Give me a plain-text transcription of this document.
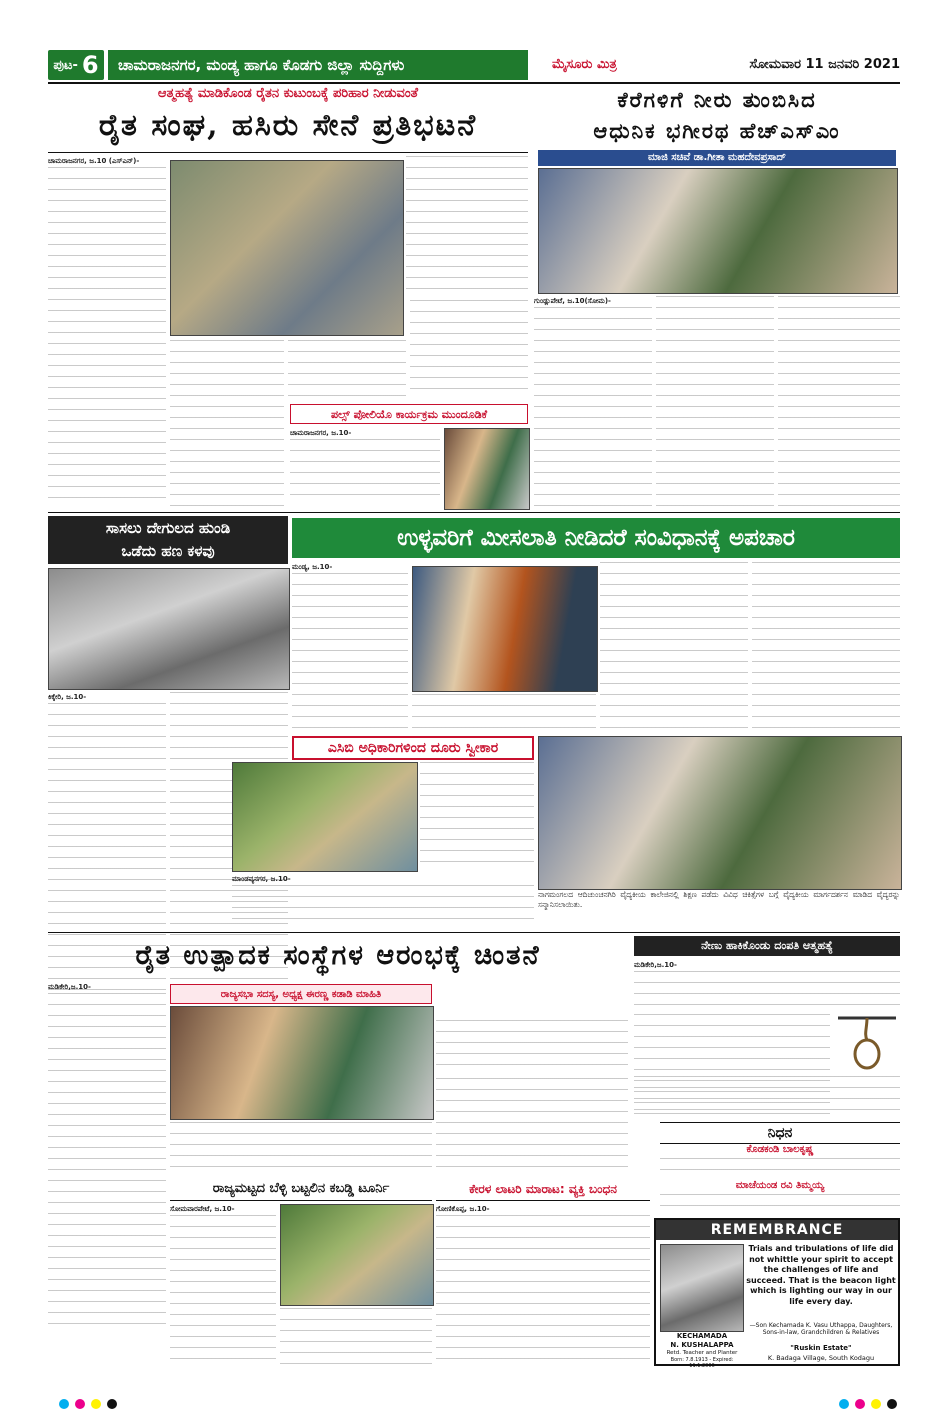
ಪುಟ- 6	ಚಾಮರಾಜನಗರ, ಮಂಡ್ಯ ಹಾಗೂ ಕೊಡಗು ಜಿಲ್ಲಾ ಸುದ್ದಿಗಳು	ಮೈಸೂರು ಮಿತ್ರ	ಸೋಮವಾರ 11 ಜನವರಿ 2021
ಆತ್ಮಹತ್ಯೆ ಮಾಡಿಕೊಂಡ ರೈತನ ಕುಟುಂಬಕ್ಕೆ ಪರಿಹಾರ ನೀಡುವಂತೆ
ರೈತ ಸಂಘ, ಹಸಿರು ಸೇನೆ ಪ್ರತಿಭಟನೆ
ಚಾಮರಾಜನಗರ, ಜ.10 (ಎಸ್‌ಎನ್)-
ಪಲ್ಸ್ ಪೋಲಿಯೊ ಕಾರ್ಯಕ್ರಮ ಮುಂದೂಡಿಕೆ
ಚಾಮರಾಜನಗರ, ಜ.10-
ಕೆರೆಗಳಿಗೆ ನೀರು ತುಂಬಿಸಿದ
ಆಧುನಿಕ ಭಗೀರಥ ಹೆಚ್‌ಎಸ್‌ಎಂ
ಮಾಜಿ ಸಚಿವೆ ಡಾ.ಗೀತಾ ಮಹದೇವಪ್ರಸಾದ್
ಗುಂಡ್ಲುಪೇಟೆ, ಜ.10(ಸೋಮ)-
ಸಾಸಲು ದೇಗುಲದ ಹುಂಡಿ
ಒಡೆದು ಹಣ ಕಳವು
ಕಿಕ್ಕೇರಿ, ಜ.10-
ಉಳ್ಳವರಿಗೆ ಮೀಸಲಾತಿ ನೀಡಿದರೆ ಸಂವಿಧಾನಕ್ಕೆ ಅಪಚಾರ
ಮಂಡ್ಯ, ಜ.10-
ಎಸಿಬಿ ಅಧಿಕಾರಿಗಳಿಂದ ದೂರು ಸ್ವೀಕಾರ
ಮಾಂಡವ್ಯನಗರ, ಜ.10-
ನಾಗಮಂಗಲದ ಆದಿಚುಂಚನಗಿರಿ ವೈದ್ಯಕೀಯ ಕಾಲೇಜಿನಲ್ಲಿ ಶಿಕ್ಷಣ ಪಡೆದು ವಿವಿಧ ಚಿಕಿತ್ಸೆಗಳ ಬಗ್ಗೆ ವೈದ್ಯಕೀಯ ಮಾರ್ಗದರ್ಶನ ಮಾಡಿದ ವೈದ್ಯರನ್ನು ಸನ್ಮಾನಿಸಲಾಯಿತು.
ರೈತ ಉತ್ಪಾದಕ ಸಂಸ್ಥೆಗಳ ಆರಂಭಕ್ಕೆ ಚಿಂತನೆ
ಮಡಿಕೇರಿ,ಜ.10-
ರಾಜ್ಯಸಭಾ ಸದಸ್ಯ, ಅಧ್ಯಕ್ಷ ಈರಣ್ಣ ಕಡಾಡಿ ಮಾಹಿತಿ
ರಾಜ್ಯಮಟ್ಟದ ಬೆಳ್ಳಿ ಬಟ್ಟಲಿನ ಕಬಡ್ಡಿ ಟೂರ್ನಿ
ಸೋಮವಾರಪೇಟೆ, ಜ.10-
ಕೇರಳ ಲಾಟರಿ ಮಾರಾಟ: ವ್ಯಕ್ತಿ ಬಂಧನ
ಗೋಣಿಕೊಪ್ಪ, ಜ.10-
ನೇಣು ಹಾಕಿಕೊಂಡು ದಂಪತಿ ಆತ್ಮಹತ್ಯೆ
ಮಡಿಕೇರಿ,ಜ.10-
ನಿಧನ
ಕೊಡಕಂಡಿ ಬಾಲಕೃಷ್ಣ
ಮಾಚೆಯಂಡ ರವಿ ತಿಮ್ಮಯ್ಯ
REMEMBRANCE
Trials and tribulations of life did not whittle your spirit to accept the challenges of life and succeed. That is the beacon light which is lighting our way in our life every day.
—Son Kechamada K. Vasu Uthappa, Daughters, Sons-in-law, Grandchildren & Relatives
KECHAMADA
N. KUSHALAPPA
Retd. Teacher and Planter
Born: 7.8.1913 - Expired: 11.1.2006
"Ruskin Estate"
K. Badaga Village, South Kodagu
